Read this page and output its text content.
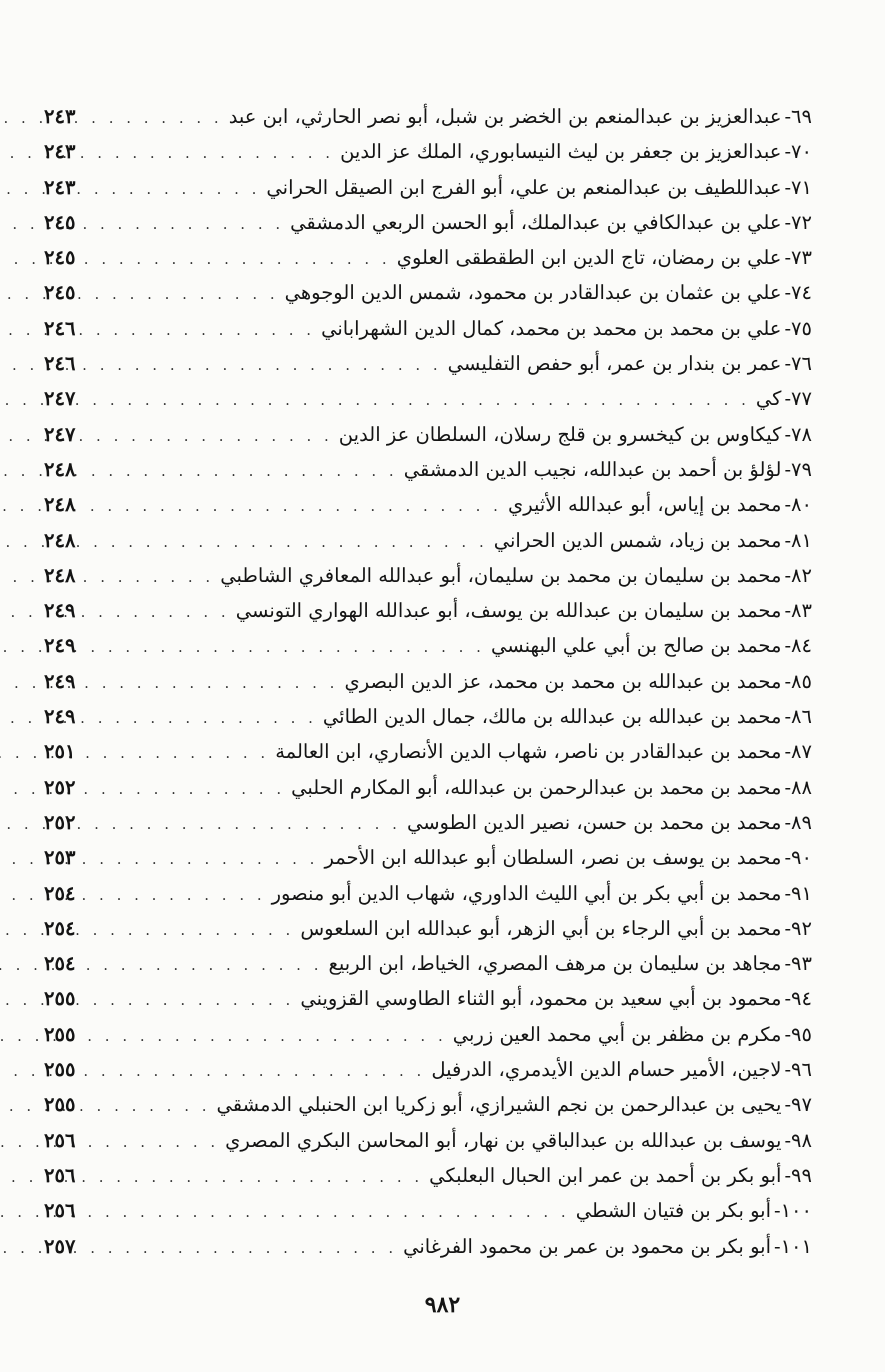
٦٩-
عبدالعزيز بن عبدالمنعم بن الخضر بن شبل، أبو نصر الحارثي، ابن عبد
. . .
٢٤٣
٧٠-
عبدالعزيز بن جعفر بن ليث النيسابوري، الملك عز الدين
. . .
٢٤٣
٧١-
عبداللطيف بن عبدالمنعم بن علي، أبو الفرج ابن الصيقل الحراني
. . .
٢٤٣
٧٢-
علي بن عبدالكافي بن عبدالملك، أبو الحسن الربعي الدمشقي
. . .
٢٤٥
٧٣-
علي بن رمضان، تاج الدين ابن الطقطقى العلوي
. . .
٢٤٥
٧٤-
علي بن عثمان بن عبدالقادر بن محمود، شمس الدين الوجوهي
. . .
٢٤٥
٧٥-
علي بن محمد بن محمد بن محمد، كمال الدين الشهراباني
. . .
٢٤٦
٧٦-
عمر بن بندار بن عمر، أبو حفص التفليسي
. . .
٢٤٦
٧٧-
كي
. . .
٢٤٧
٧٨-
كيكاوس بن كيخسرو بن قلج رسلان، السلطان عز الدين
. . .
٢٤٧
٧٩-
لؤلؤ بن أحمد بن عبدالله، نجيب الدين الدمشقي
. . .
٢٤٨
٨٠-
محمد بن إياس، أبو عبدالله الأثيري
. . .
٢٤٨
٨١-
محمد بن زياد، شمس الدين الحراني
. . .
٢٤٨
٨٢-
محمد بن سليمان بن محمد بن سليمان، أبو عبدالله المعافري الشاطبي
. . .
٢٤٨
٨٣-
محمد بن سليمان بن عبدالله بن يوسف، أبو عبدالله الهواري التونسي
. . .
٢٤٩
٨٤-
محمد بن صالح بن أبي علي البهنسي
. . .
٢٤٩
٨٥-
محمد بن عبدالله بن محمد بن محمد، عز الدين البصري
. . .
٢٤٩
٨٦-
محمد بن عبدالله بن عبدالله بن مالك، جمال الدين الطائي
. . .
٢٤٩
٨٧-
محمد بن عبدالقادر بن ناصر، شهاب الدين الأنصاري، ابن العالمة
. . .
٢٥١
٨٨-
محمد بن محمد بن عبدالرحمن بن عبدالله، أبو المكارم الحلبي
. . .
٢٥٢
٨٩-
محمد بن محمد بن حسن، نصير الدين الطوسي
. . .
٢٥٢
٩٠-
محمد بن يوسف بن نصر، السلطان أبو عبدالله ابن الأحمر
. . .
٢٥٣
٩١-
محمد بن أبي بكر بن أبي الليث الداوري، شهاب الدين أبو منصور
. . .
٢٥٤
٩٢-
محمد بن أبي الرجاء بن أبي الزهر، أبو عبدالله ابن السلعوس
. . .
٢٥٤
٩٣-
مجاهد بن سليمان بن مرهف المصري، الخياط، ابن الربيع
. . .
٢٥٤
٩٤-
محمود بن أبي سعيد بن محمود، أبو الثناء الطاوسي القزويني
. . .
٢٥٥
٩٥-
مكرم بن مظفر بن أبي محمد العين زربي
. . .
٢٥٥
٩٦-
لاجين، الأمير حسام الدين الأيدمري، الدرفيل
. . .
٢٥٥
٩٧-
يحيى بن عبدالرحمن بن نجم الشيرازي، أبو زكريا ابن الحنبلي الدمشقي
. . .
٢٥٥
٩٨-
يوسف بن عبدالله بن عبدالباقي بن نهار، أبو المحاسن البكري المصري
. . .
٢٥٦
٩٩-
أبو بكر بن أحمد بن عمر ابن الحبال البعلبكي
. . .
٢٥٦
١٠٠-
أبو بكر بن فتيان الشطي
. . .
٢٥٦
١٠١-
أبو بكر بن محمود بن عمر بن محمود الفرغاني
. . .
٢٥٧
٩٨٢
